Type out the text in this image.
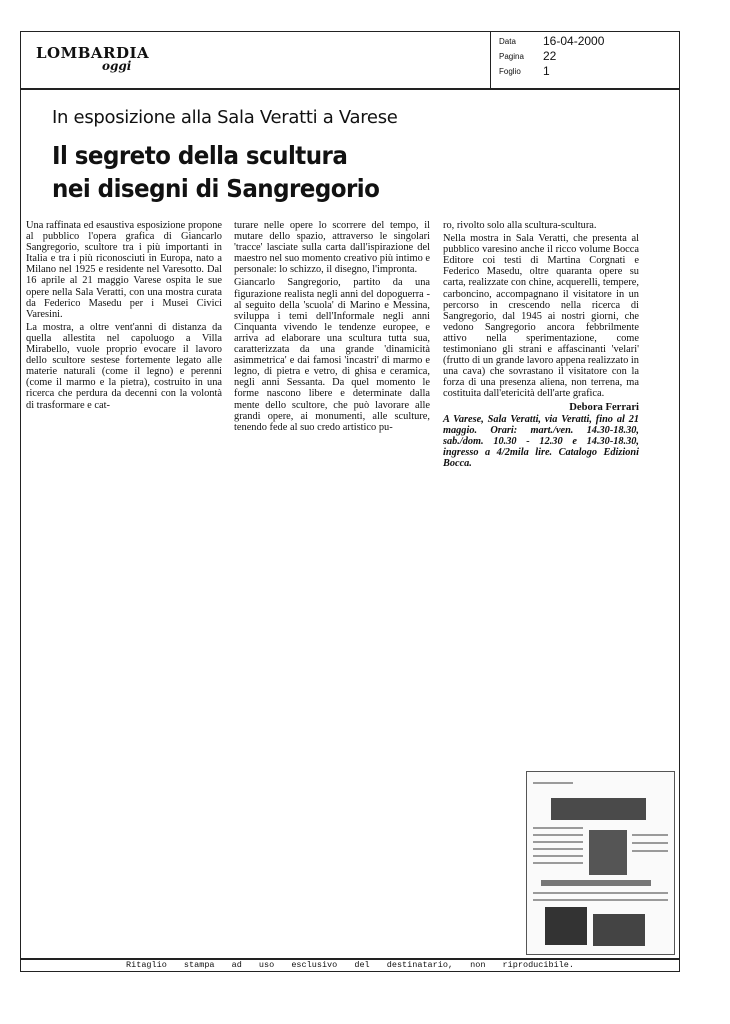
LOMBARDIA
oggi
Data	16-04-2000
Pagina	22
Foglio	1
In esposizione alla Sala Veratti a Varese
Il segreto della scultura
nei disegni di Sangregorio

Una raffinata ed esaustiva esposizione propone al pubblico l'opera grafica di Giancarlo Sangregorio, scultore tra i più importanti in Italia e tra i più riconosciuti in Europa, nato a Milano nel 1925 e residente nel Varesotto. Dal 16 aprile al 21 maggio Varese ospita le sue opere nella Sala Veratti, con una mostra curata da Federico Masedu per i Musei Civici Varesini.

La mostra, a oltre vent'anni di distanza da quella allestita nel capoluogo a Villa Mirabello, vuole proprio evocare il lavoro dello scultore sestese fortemente legato alle materie naturali (come il legno) e perenni (come il marmo e la pietra), costruito in una ricerca che perdura da decenni con la volontà di trasformare e cat-

turare nelle opere lo scorrere del tempo, il mutare dello spazio, attraverso le singolari 'tracce' lasciate sulla carta dall'ispirazione del maestro nel suo momento creativo più intimo e personale: lo schizzo, il disegno, l'impronta.

Giancarlo Sangregorio, partito da una figurazione realista negli anni del dopoguerra -al seguito della 'scuola' di Marino e Messina, sviluppa i temi dell'Informale negli anni Cinquanta vivendo le tendenze europee, e arriva ad elaborare una scultura tutta sua, caratterizzata da una grande 'dinamicità asimmetrica' e dai famosi 'incastri' di marmo e legno, di pietra e vetro, di ghisa e ceramica, negli anni Sessanta. Da quel momento le forme nascono libere e determinate dalla mente dello scultore, che può lavorare alle grandi opere, ai monumenti, alle sculture, tenendo fede al suo credo artistico pu-

ro, rivolto solo alla scultura-scultura.

Nella mostra in Sala Veratti, che presenta al pubblico varesino anche il ricco volume Bocca Editore coi testi di Martina Corgnati e Federico Masedu, oltre quaranta opere su carta, realizzate con chine, acquerelli, tempere, carboncino, accompagnano il visitatore in un percorso in crescendo nella ricerca di Sangregorio, dal 1945 ai nostri giorni, che vedono Sangregorio ancora febbrilmente attivo nella sperimentazione, come testimoniano gli strani e affascinanti 'velari' (frutto di un grande lavoro appena realizzato in una cava) che sovrastano il visitatore con la forza di una presenza aliena, non terrena, ma costituita dall'etericità dell'arte grafica.

Debora Ferrari
A Varese, Sala Veratti, via Veratti, fino al 21 maggio. Orari: mart./ven. 14.30-18.30, sab./dom. 10.30 - 12.30 e 14.30-18.30, ingresso a 4/2mila lire. Catalogo Edizioni Bocca.
Ritaglio stampa ad uso esclusivo del destinatario, non riproducibile.
